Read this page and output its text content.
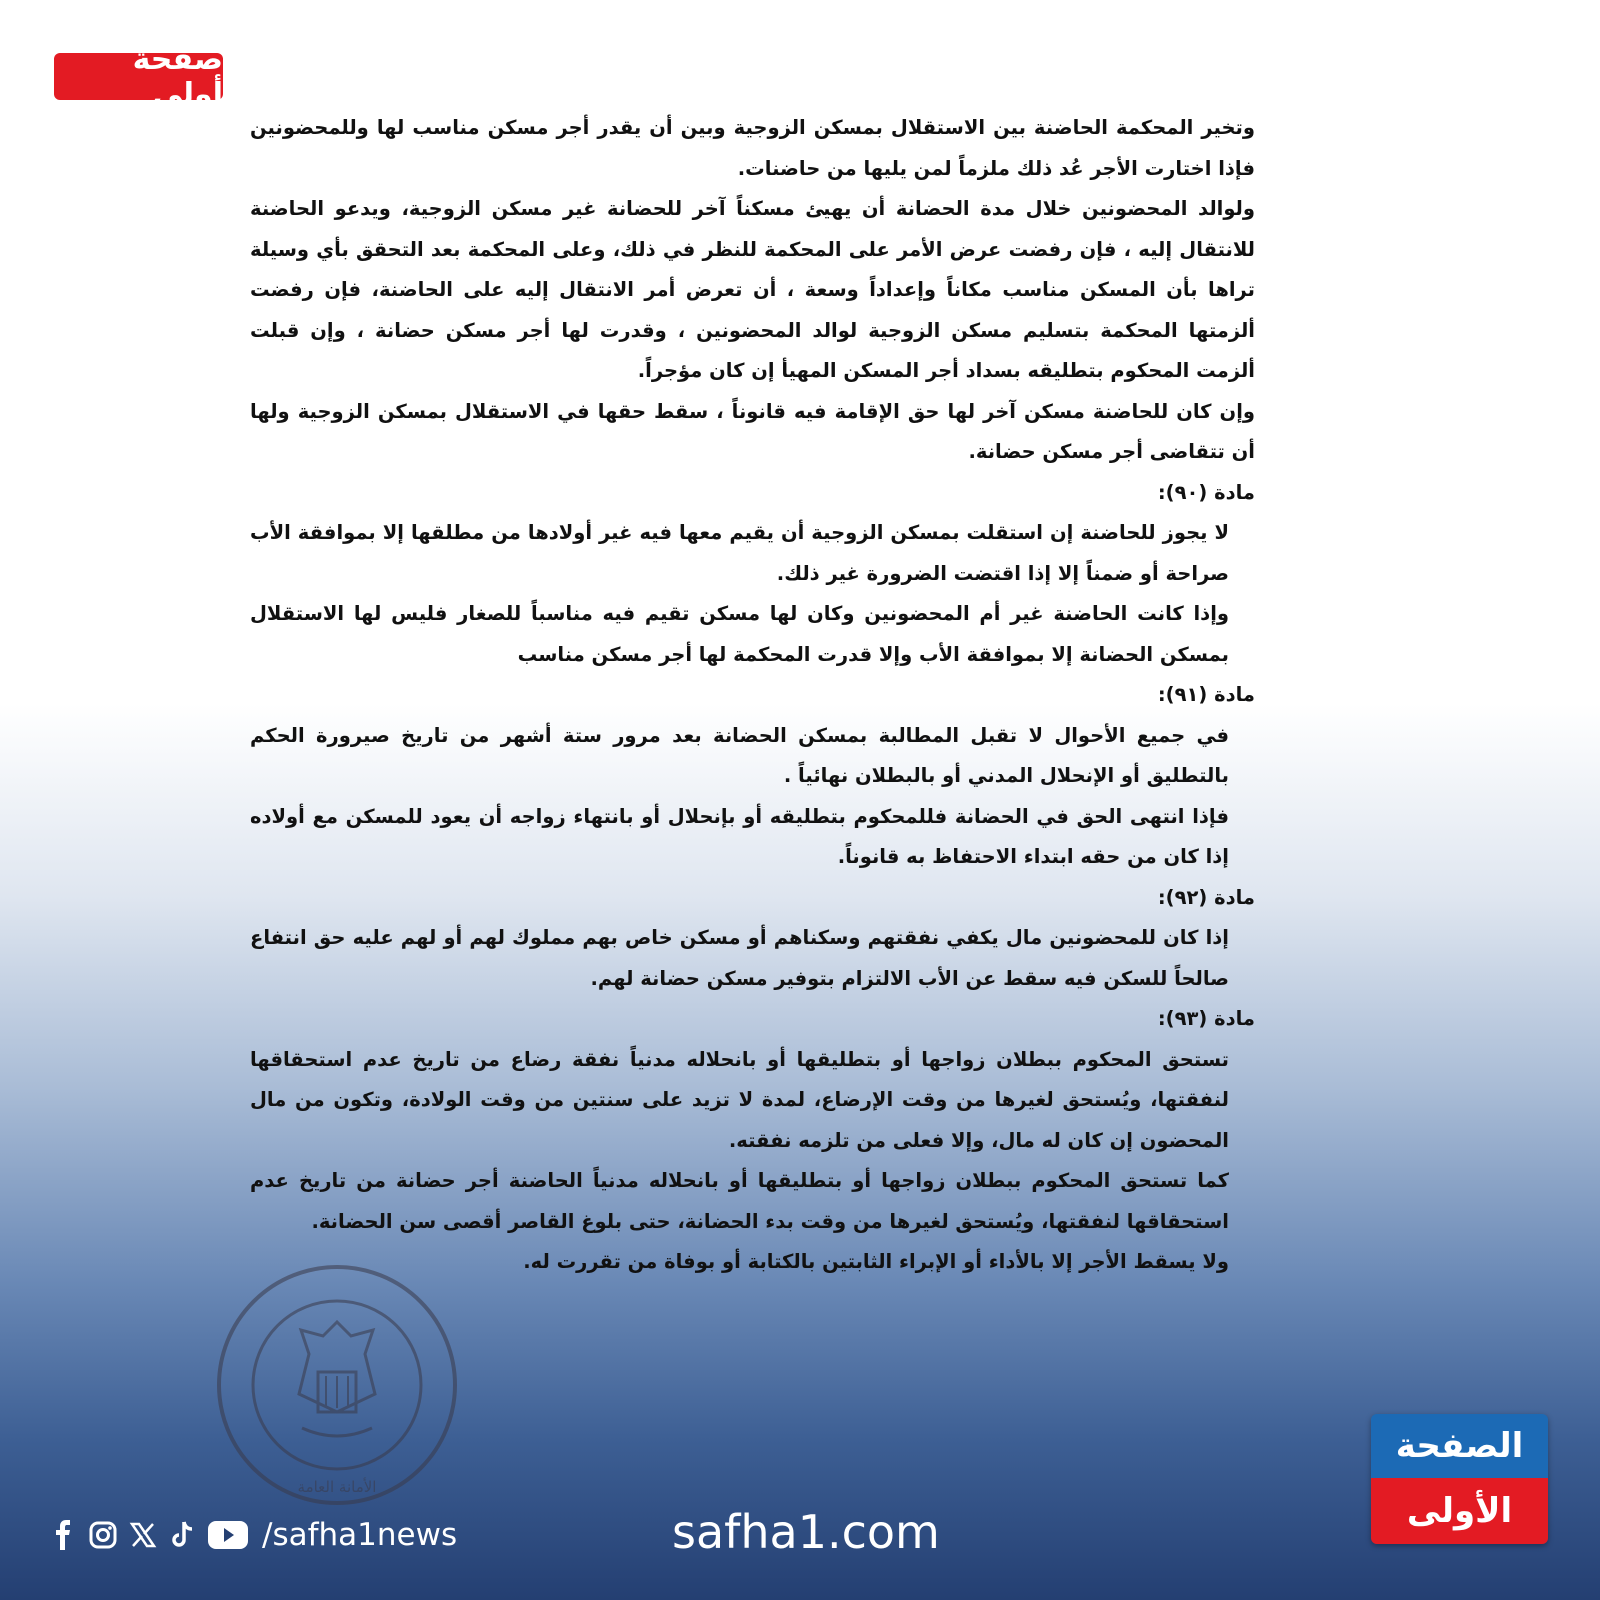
صفحة أولى

وتخير المحكمة الحاضنة بين الاستقلال بمسكن الزوجية وبين أن يقدر أجر مسكن مناسب لها وللمحضونين فإذا اختارت الأجر عُد ذلك ملزماً لمن يليها من حاضنات.

ولوالد المحضونين خلال مدة الحضانة أن يهيئ مسكناً آخر للحضانة غير مسكن الزوجية، ويدعو الحاضنة للانتقال إليه ، فإن رفضت عرض الأمر على المحكمة للنظر في ذلك، وعلى المحكمة بعد التحقق بأي وسيلة تراها بأن المسكن مناسب مكاناً وإعداداً وسعة ، أن تعرض أمر الانتقال إليه على الحاضنة، فإن رفضت ألزمتها المحكمة بتسليم مسكن الزوجية لوالد المحضونين ، وقدرت لها أجر مسكن حضانة ، وإن قبلت ألزمت المحكوم بتطليقه بسداد أجر المسكن المهيأ إن كان مؤجراً.

وإن كان للحاضنة مسكن آخر لها حق الإقامة فيه قانوناً ، سقط حقها في الاستقلال بمسكن الزوجية ولها أن تتقاضى أجر مسكن حضانة.

مادة (٩٠):

لا يجوز للحاضنة إن استقلت بمسكن الزوجية أن يقيم معها فيه غير أولادها من مطلقها إلا بموافقة الأب صراحة أو ضمناً إلا إذا اقتضت الضرورة غير ذلك.

وإذا كانت الحاضنة غير أم المحضونين وكان لها مسكن تقيم فيه مناسباً للصغار فليس لها الاستقلال بمسكن الحضانة إلا بموافقة الأب وإلا قدرت المحكمة لها أجر مسكن مناسب

مادة (٩١):

في جميع الأحوال لا تقبل المطالبة بمسكن الحضانة بعد مرور ستة أشهر من تاريخ صيرورة الحكم بالتطليق أو الإنحلال المدني أو بالبطلان نهائياً .

فإذا انتهى الحق في الحضانة فللمحكوم بتطليقه أو بإنحلال أو بانتهاء زواجه أن يعود للمسكن مع أولاده إذا كان من حقه ابتداء الاحتفاظ به قانوناً.

مادة (٩٢):

إذا كان للمحضونين مال يكفي نفقتهم وسكناهم أو مسكن خاص بهم مملوك لهم أو لهم عليه حق انتفاع صالحاً للسكن فيه سقط عن الأب الالتزام بتوفير مسكن حضانة لهم.

مادة (٩٣):

تستحق المحكوم ببطلان زواجها أو بتطليقها أو بانحلاله مدنياً نفقة رضاع من تاريخ عدم استحقاقها لنفقتها، ويُستحق لغيرها من وقت الإرضاع، لمدة لا تزيد على سنتين من وقت الولادة، وتكون من مال المحضون إن كان له مال، وإلا فعلى من تلزمه نفقته.

كما تستحق المحكوم ببطلان زواجها أو بتطليقها أو بانحلاله مدنياً الحاضنة أجر حضانة من تاريخ عدم استحقاقها لنفقتها، ويُستحق لغيرها من وقت بدء الحضانة، حتى بلوغ القاصر أقصى سن الحضانة.

ولا يسقط الأجر إلا بالأداء أو الإبراء الثابتين بالكتابة أو بوفاة من تقررت له.

الأمانة العامة
/safha1news	safha1.com
الصفحة
الأولى
